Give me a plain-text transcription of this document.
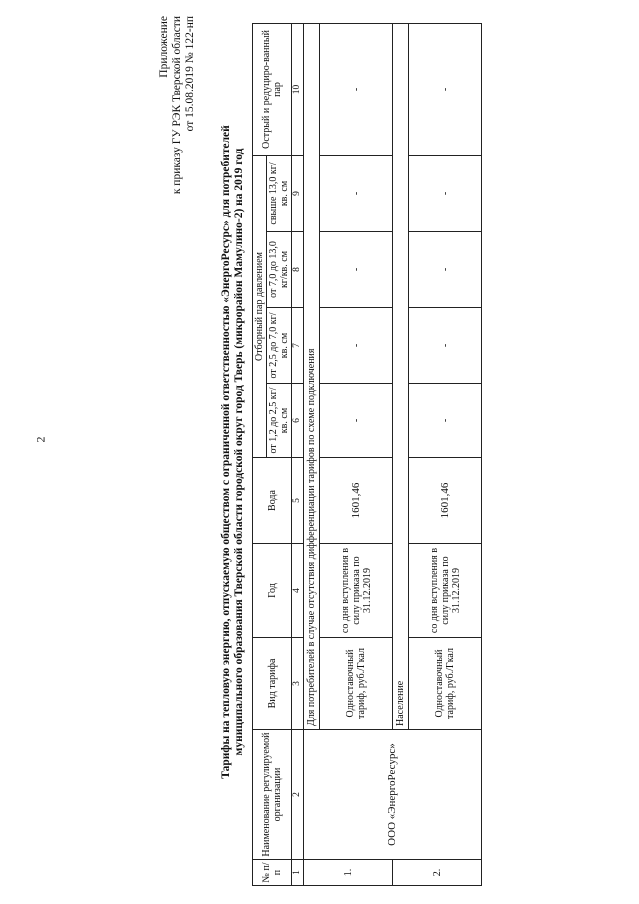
2
Приложение к приказу ГУ РЭК Тверской области от 15.08.2019 № 122-нп
Тарифы на тепловую энергию, отпускаемую обществом с ограниченной ответственностью «ЭнергоРесурс» для потребителей муниципального образования Тверской области городской округ город Тверь (микрорайон Мамулино-2) на 2019 год
№ п/п	Наименование регулируемой организации	Вид тарифа	Год	Вода	Отборный пар давлением				Острый и редуциро-ванный пар
					от 1,2 до 2,5 кг/кв. см	от 2,5 до 7,0 кг/кв. см	от 7,0 до 13,0 кг/кв. см	свыше 13,0 кг/кв. см	
1	2	3	4	5	6	7	8	9	10
1.	ООО «ЭнергоРесурс»	Для потребителей в случае отсутствия дифференциации тарифов по схеме подключения							
		Одноставочный тариф, руб./Гкал	со дня вступления в силу приказа по 31.12.2019	1601,46	-	-	-	-	-
2.		Население							
		Одноставочный тариф, руб./Гкал	со дня вступления в силу приказа по 31.12.2019	1601,46	-	-	-	-	-
